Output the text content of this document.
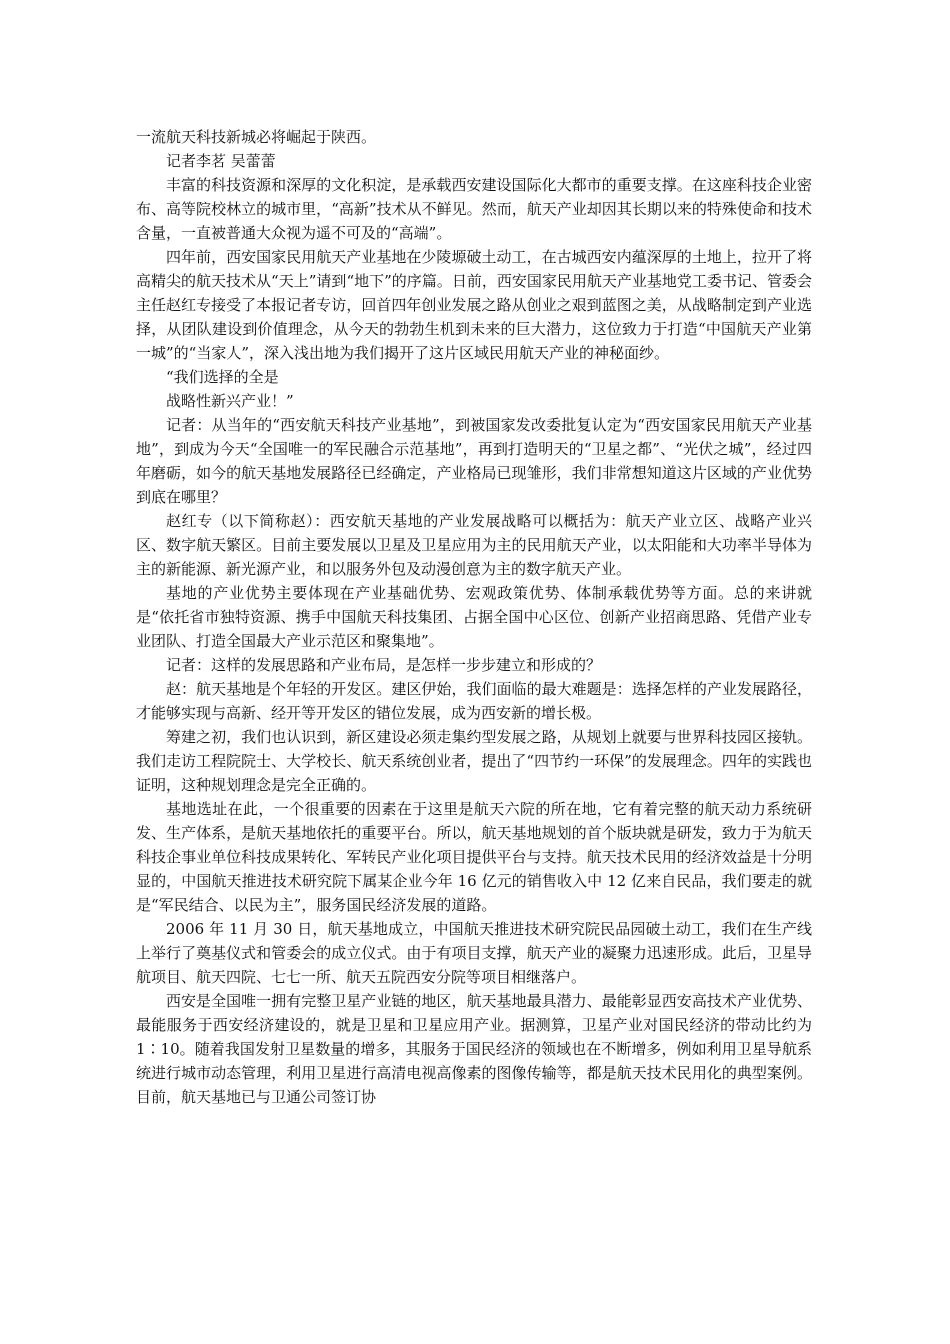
一流航天科技新城必将崛起于陕西。

记者李茗 吴蕾蕾

丰富的科技资源和深厚的文化积淀，是承载西安建设国际化大都市的重要支撑。在这座科技企业密布、高等院校林立的城市里，“高新”技术从不鲜见。然而，航天产业却因其长期以来的特殊使命和技术含量，一直被普通大众视为遥不可及的“高端”。

四年前，西安国家民用航天产业基地在少陵塬破土动工，在古城西安内蕴深厚的土地上，拉开了将高精尖的航天技术从“天上”请到“地下”的序篇。日前，西安国家民用航天产业基地党工委书记、管委会主任赵红专接受了本报记者专访，回首四年创业发展之路从创业之艰到蓝图之美，从战略制定到产业选择，从团队建设到价值理念，从今天的勃勃生机到未来的巨大潜力，这位致力于打造“中国航天产业第一城”的“当家人”，深入浅出地为我们揭开了这片区域民用航天产业的神秘面纱。

“我们选择的全是

战略性新兴产业！”

记者：从当年的“西安航天科技产业基地”，到被国家发改委批复认定为“西安国家民用航天产业基地”，到成为今天“全国唯一的军民融合示范基地”，再到打造明天的“卫星之都”、“光伏之城”，经过四年磨砺，如今的航天基地发展路径已经确定，产业格局已现雏形，我们非常想知道这片区域的产业优势到底在哪里？

赵红专（以下简称赵）：西安航天基地的产业发展战略可以概括为：航天产业立区、战略产业兴区、数字航天繁区。目前主要发展以卫星及卫星应用为主的民用航天产业，以太阳能和大功率半导体为主的新能源、新光源产业，和以服务外包及动漫创意为主的数字航天产业。

基地的产业优势主要体现在产业基础优势、宏观政策优势、体制承载优势等方面。总的来讲就是“依托省市独特资源、携手中国航天科技集团、占据全国中心区位、创新产业招商思路、凭借产业专业团队、打造全国最大产业示范区和聚集地”。

记者：这样的发展思路和产业布局，是怎样一步步建立和形成的？

赵：航天基地是个年轻的开发区。建区伊始，我们面临的最大难题是：选择怎样的产业发展路径，才能够实现与高新、经开等开发区的错位发展，成为西安新的增长极。

筹建之初，我们也认识到，新区建设必须走集约型发展之路，从规划上就要与世界科技园区接轨。我们走访工程院院士、大学校长、航天系统创业者，提出了“四节约一环保”的发展理念。四年的实践也证明，这种规划理念是完全正确的。

基地选址在此，一个很重要的因素在于这里是航天六院的所在地，它有着完整的航天动力系统研发、生产体系，是航天基地依托的重要平台。所以，航天基地规划的首个版块就是研发，致力于为航天科技企事业单位科技成果转化、军转民产业化项目提供平台与支持。航天技术民用的经济效益是十分明显的，中国航天推进技术研究院下属某企业今年 16 亿元的销售收入中 12 亿来自民品，我们要走的就是“军民结合、以民为主”，服务国民经济发展的道路。

2006 年 11 月 30 日，航天基地成立，中国航天推进技术研究院民品园破土动工，我们在生产线上举行了奠基仪式和管委会的成立仪式。由于有项目支撑，航天产业的凝聚力迅速形成。此后，卫星导航项目、航天四院、七七一所、航天五院西安分院等项目相继落户。

西安是全国唯一拥有完整卫星产业链的地区，航天基地最具潜力、最能彰显西安高技术产业优势、最能服务于西安经济建设的，就是卫星和卫星应用产业。据测算，卫星产业对国民经济的带动比约为 1∶10。随着我国发射卫星数量的增多，其服务于国民经济的领域也在不断增多，例如利用卫星导航系统进行城市动态管理，利用卫星进行高清电视高像素的图像传输等，都是航天技术民用化的典型案例。目前，航天基地已与卫通公司签订协
